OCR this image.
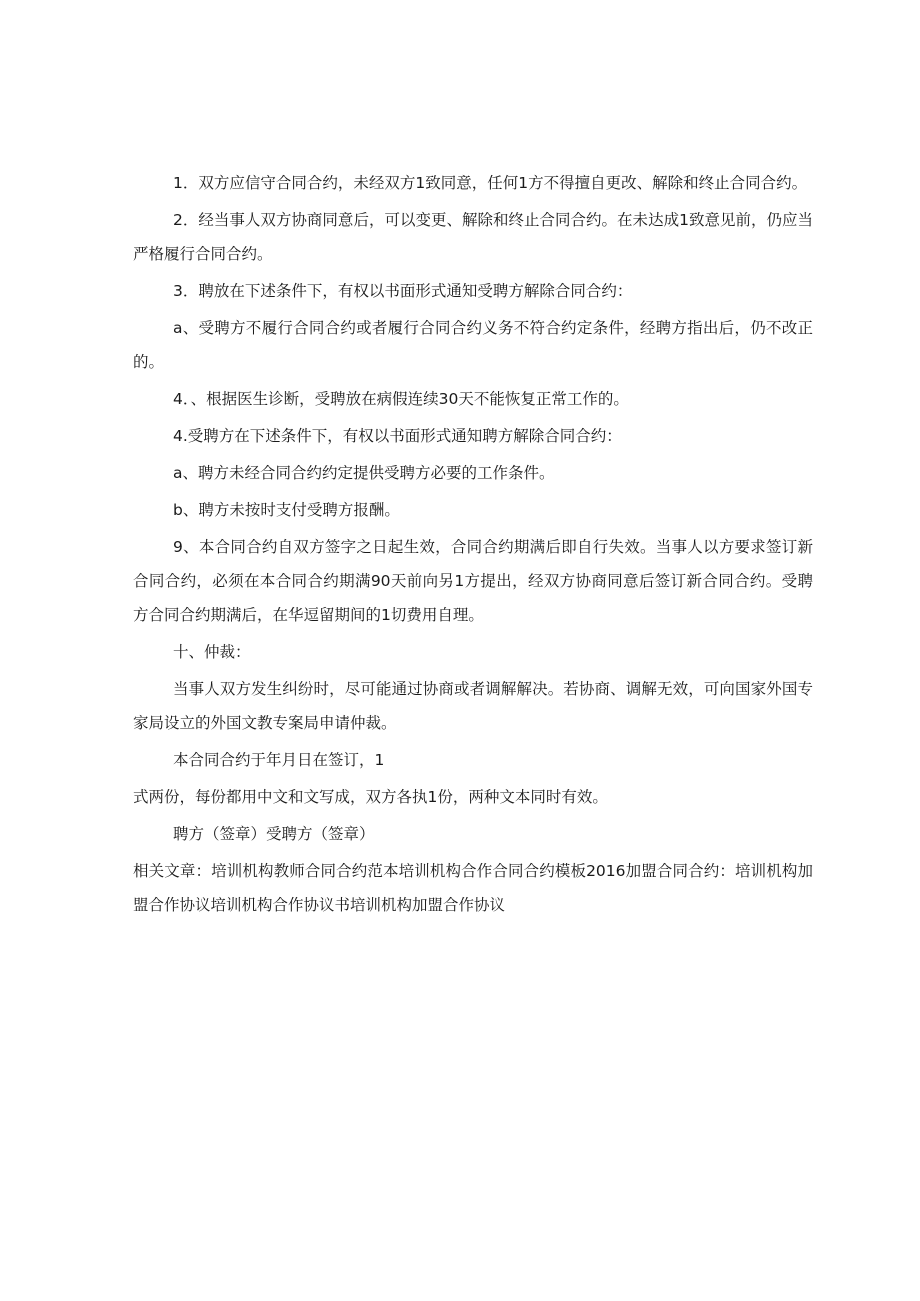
1．双方应信守合同合约，未经双方1致同意，任何1方不得擅自更改、解除和终止合同合约。

2．经当事人双方协商同意后，可以变更、解除和终止合同合约。在未达成1致意见前，仍应当严格履行合同合约。

3．聘放在下述条件下，有权以书面形式通知受聘方解除合同合约：

a、受聘方不履行合同合约或者履行合同合约义务不符合约定条件，经聘方指出后，仍不改正的。

4．、根据医生诊断，受聘放在病假连续30天不能恢复正常工作的。

4.受聘方在下述条件下，有权以书面形式通知聘方解除合同合约：

a、聘方未经合同合约约定提供受聘方必要的工作条件。

b、聘方未按时支付受聘方报酬。

9、本合同合约自双方签字之日起生效，合同合约期满后即自行失效。当事人以方要求签订新合同合约，必须在本合同合约期满90天前向另1方提出，经双方协商同意后签订新合同合约。受聘方合同合约期满后，在华逗留期间的1切费用自理。

十、仲裁：

当事人双方发生纠纷时，尽可能通过协商或者调解解决。若协商、调解无效，可向国家外国专家局设立的外国文教专案局申请仲裁。

本合同合约于年月日在签订，1

式两份，每份都用中文和文写成，双方各执1份，两种文本同时有效。

聘方（签章）受聘方（签章）

相关文章：培训机构教师合同合约范本培训机构合作合同合约模板2016加盟合同合约：培训机构加盟合作协议培训机构合作协议书培训机构加盟合作协议
